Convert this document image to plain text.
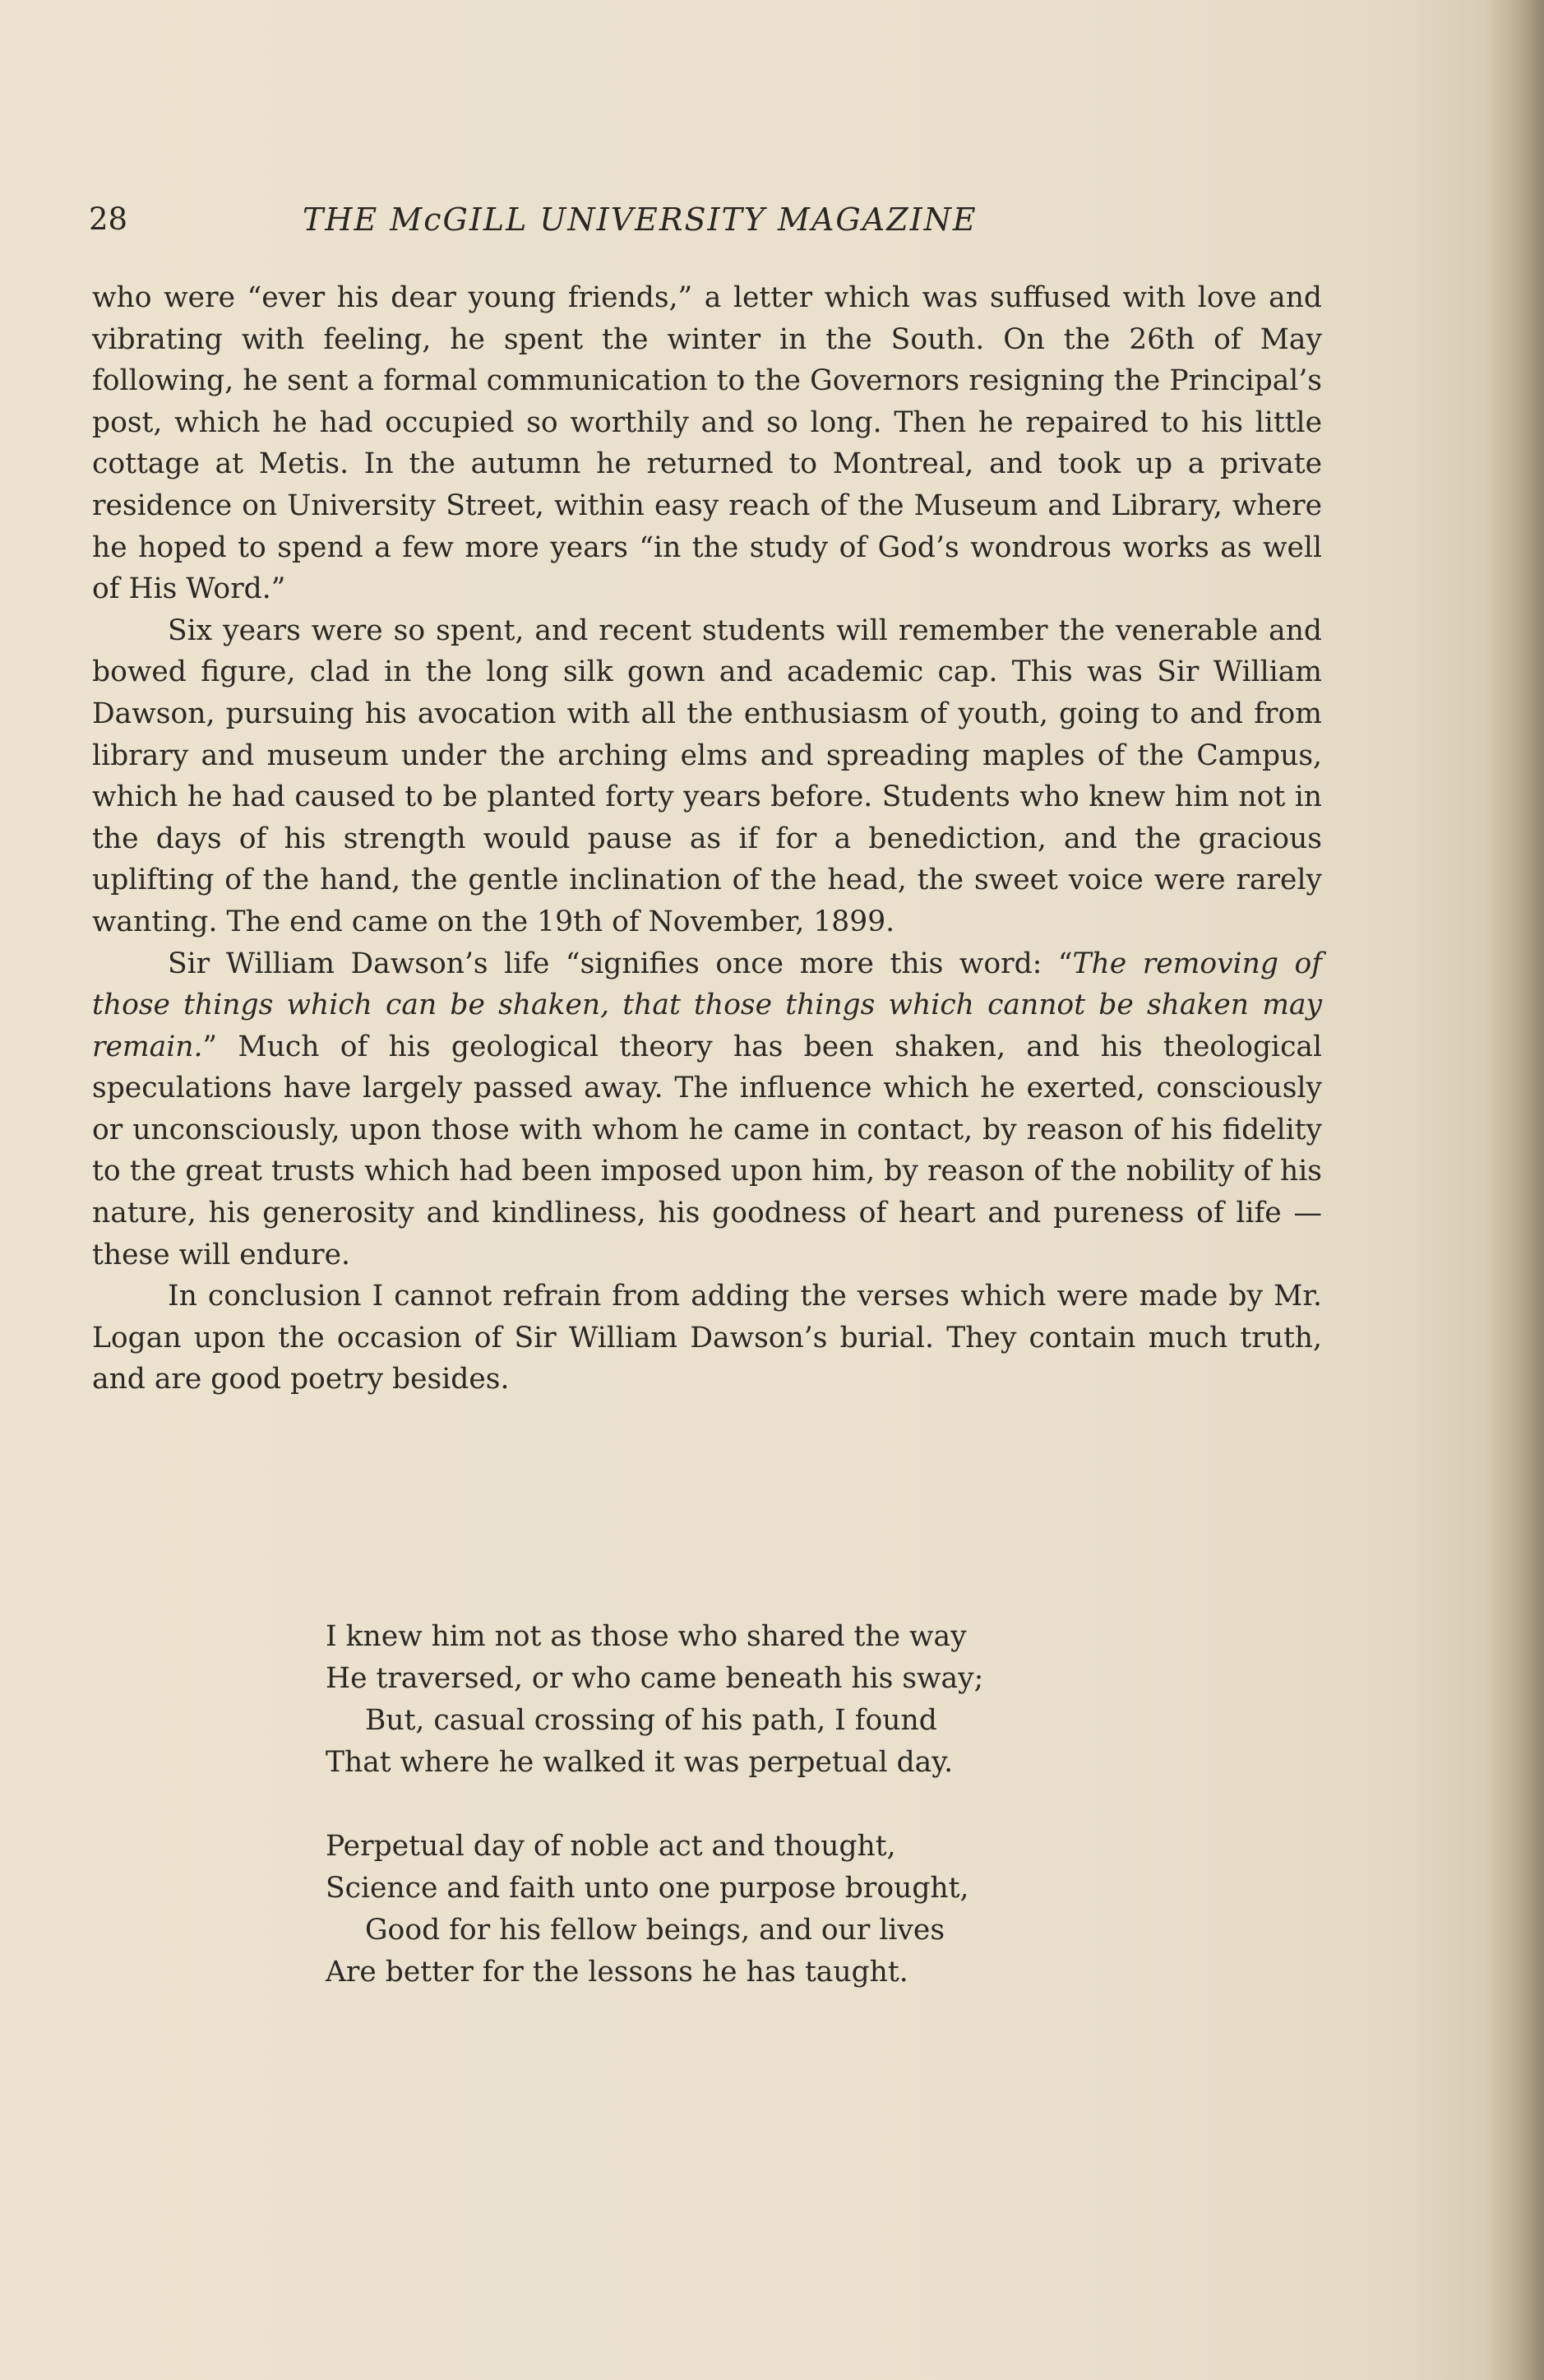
28	THE McGILL UNIVERSITY MAGAZINE

who were “ever his dear young friends,” a letter which was suffused with love and vibrating with feeling, he spent the winter in the South. On the 26th of May following, he sent a formal communication to the Governors resigning the Principal’s post, which he had occupied so worthily and so long. Then he repaired to his little cottage at Metis. In the autumn he returned to Montreal, and took up a private residence on University Street, within easy reach of the Museum and Library, where he hoped to spend a few more years “in the study of God’s wondrous works as well of His Word.”

Six years were so spent, and recent students will remember the venerable and bowed figure, clad in the long silk gown and academic cap. This was Sir William Dawson, pursuing his avocation with all the enthusiasm of youth, going to and from library and museum under the arching elms and spreading maples of the Campus, which he had caused to be planted forty years before. Students who knew him not in the days of his strength would pause as if for a benediction, and the gracious uplifting of the hand, the gentle inclination of the head, the sweet voice were rarely wanting. The end came on the 19th of November, 1899.

Sir William Dawson’s life “signifies once more this word: “The removing of those things which can be shaken, that those things which cannot be shaken may remain.” Much of his geological theory has been shaken, and his theological speculations have largely passed away. The influence which he exerted, consciously or unconsciously, upon those with whom he came in contact, by reason of his fidelity to the great trusts which had been imposed upon him, by reason of the nobility of his nature, his generosity and kindliness, his goodness of heart and pureness of life — these will endure.

In conclusion I cannot refrain from adding the verses which were made by Mr. Logan upon the occasion of Sir William Dawson’s burial. They contain much truth, and are good poetry besides.

I knew him not as those who shared the way
He traversed, or who came beneath his sway;
But, casual crossing of his path, I found
That where he walked it was perpetual day.
Perpetual day of noble act and thought,
Science and faith unto one purpose brought,
Good for his fellow beings, and our lives
Are better for the lessons he has taught.
